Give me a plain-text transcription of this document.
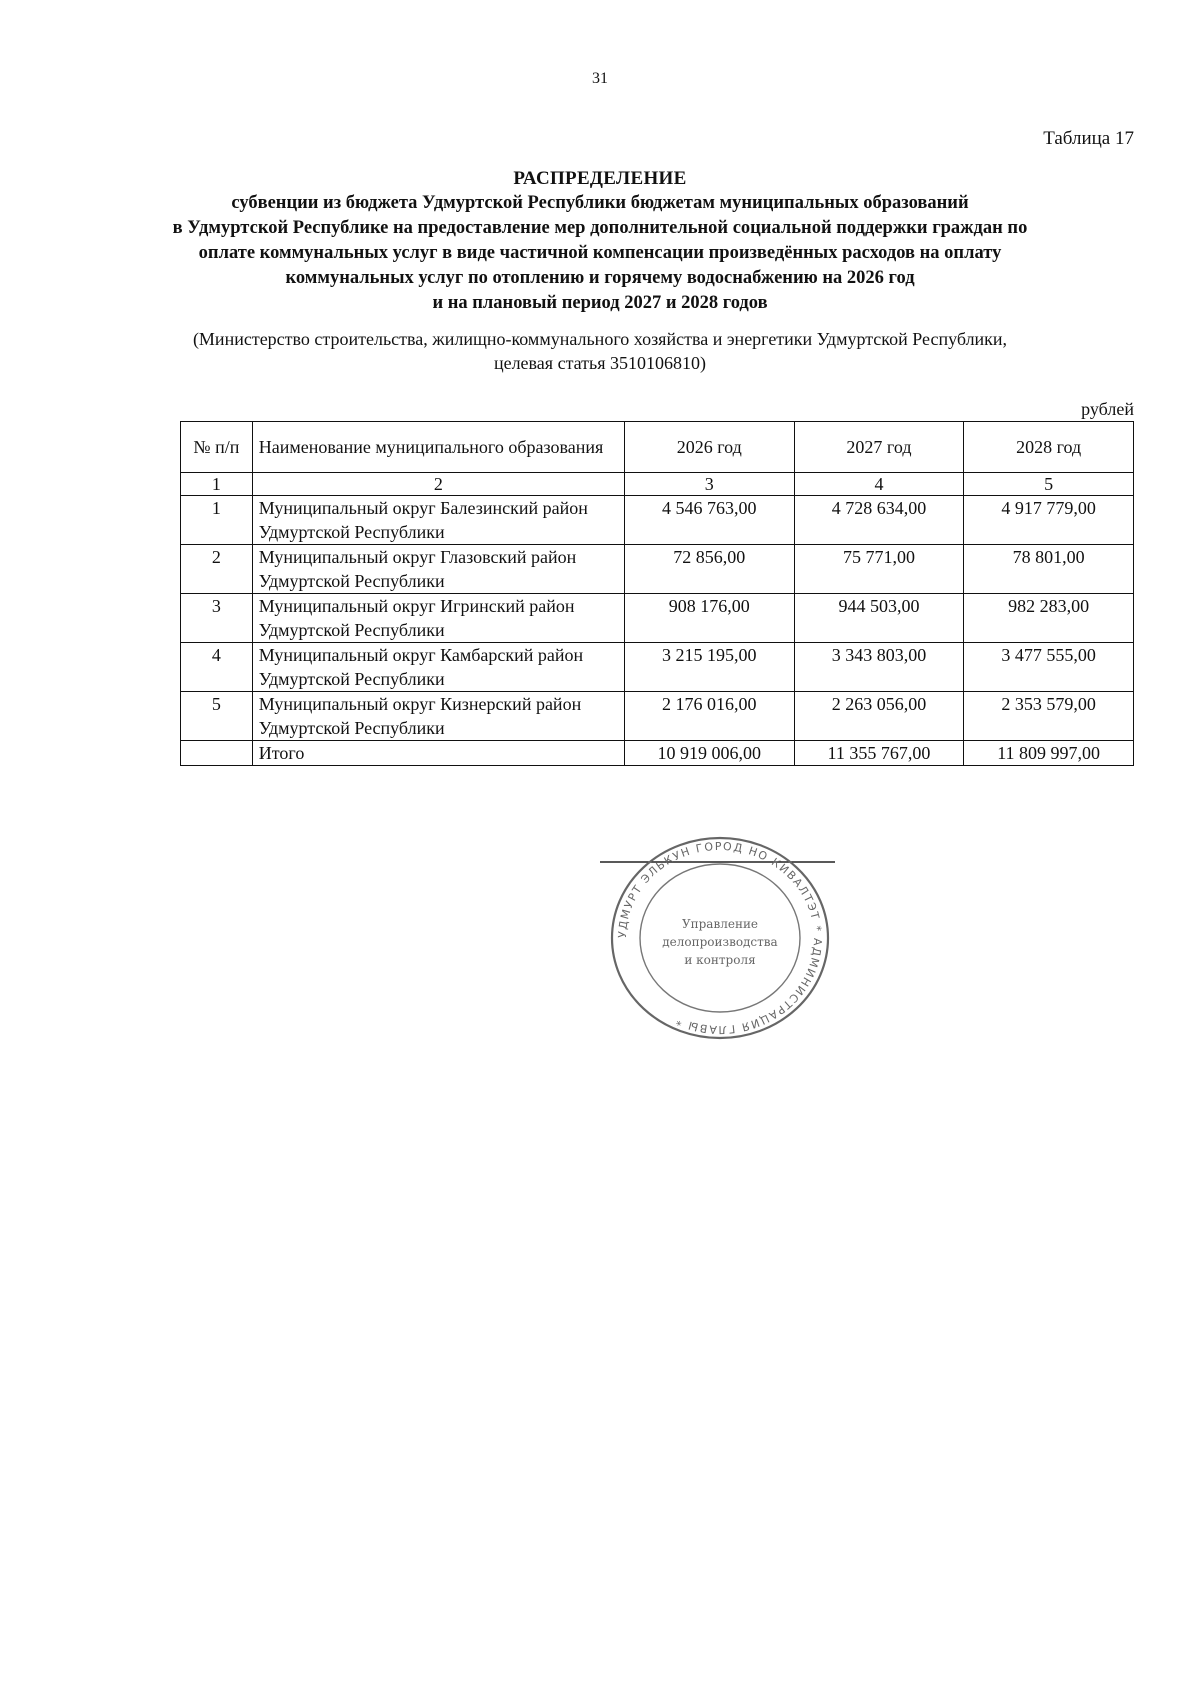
31
Таблица 17
РАСПРЕДЕЛЕНИЕ
субвенции из бюджета Удмуртской Республики бюджетам муниципальных образований
в Удмуртской Республике на предоставление мер дополнительной социальной поддержки граждан по
оплате коммунальных услуг в виде частичной компенсации произведённых расходов на оплату
коммунальных услуг по отоплению и горячему водоснабжению на 2026 год
и на плановый период 2027 и 2028 годов
(Министерство строительства, жилищно-коммунального хозяйства и энергетики Удмуртской Республики,
целевая статья 3510106810)
рублей
№ п/п	Наименование муниципального образования	2026 год	2027 год	2028 год
1	2	3	4	5
1	Муниципальный округ Балезинский район Удмуртской Республики	4 546 763,00	4 728 634,00	4 917 779,00
2	Муниципальный округ Глазовский район Удмуртской Республики	72 856,00	75 771,00	78 801,00
3	Муниципальный округ Игринский район Удмуртской Республики	908 176,00	944 503,00	982 283,00
4	Муниципальный округ Камбарский район Удмуртской Республики	3 215 195,00	3 343 803,00	3 477 555,00
5	Муниципальный округ Кизнерский район Удмуртской Республики	2 176 016,00	2 263 056,00	2 353 579,00
	Итого	10 919 006,00	11 355 767,00	11 809 997,00
УДМУРТ ЭЛЬКУН ГОРОД НО КИВАЛТЭТ * АДМИНИСТРАЦИЯ ГЛАВЫ *
Управление
делопроизводства
и контроля
